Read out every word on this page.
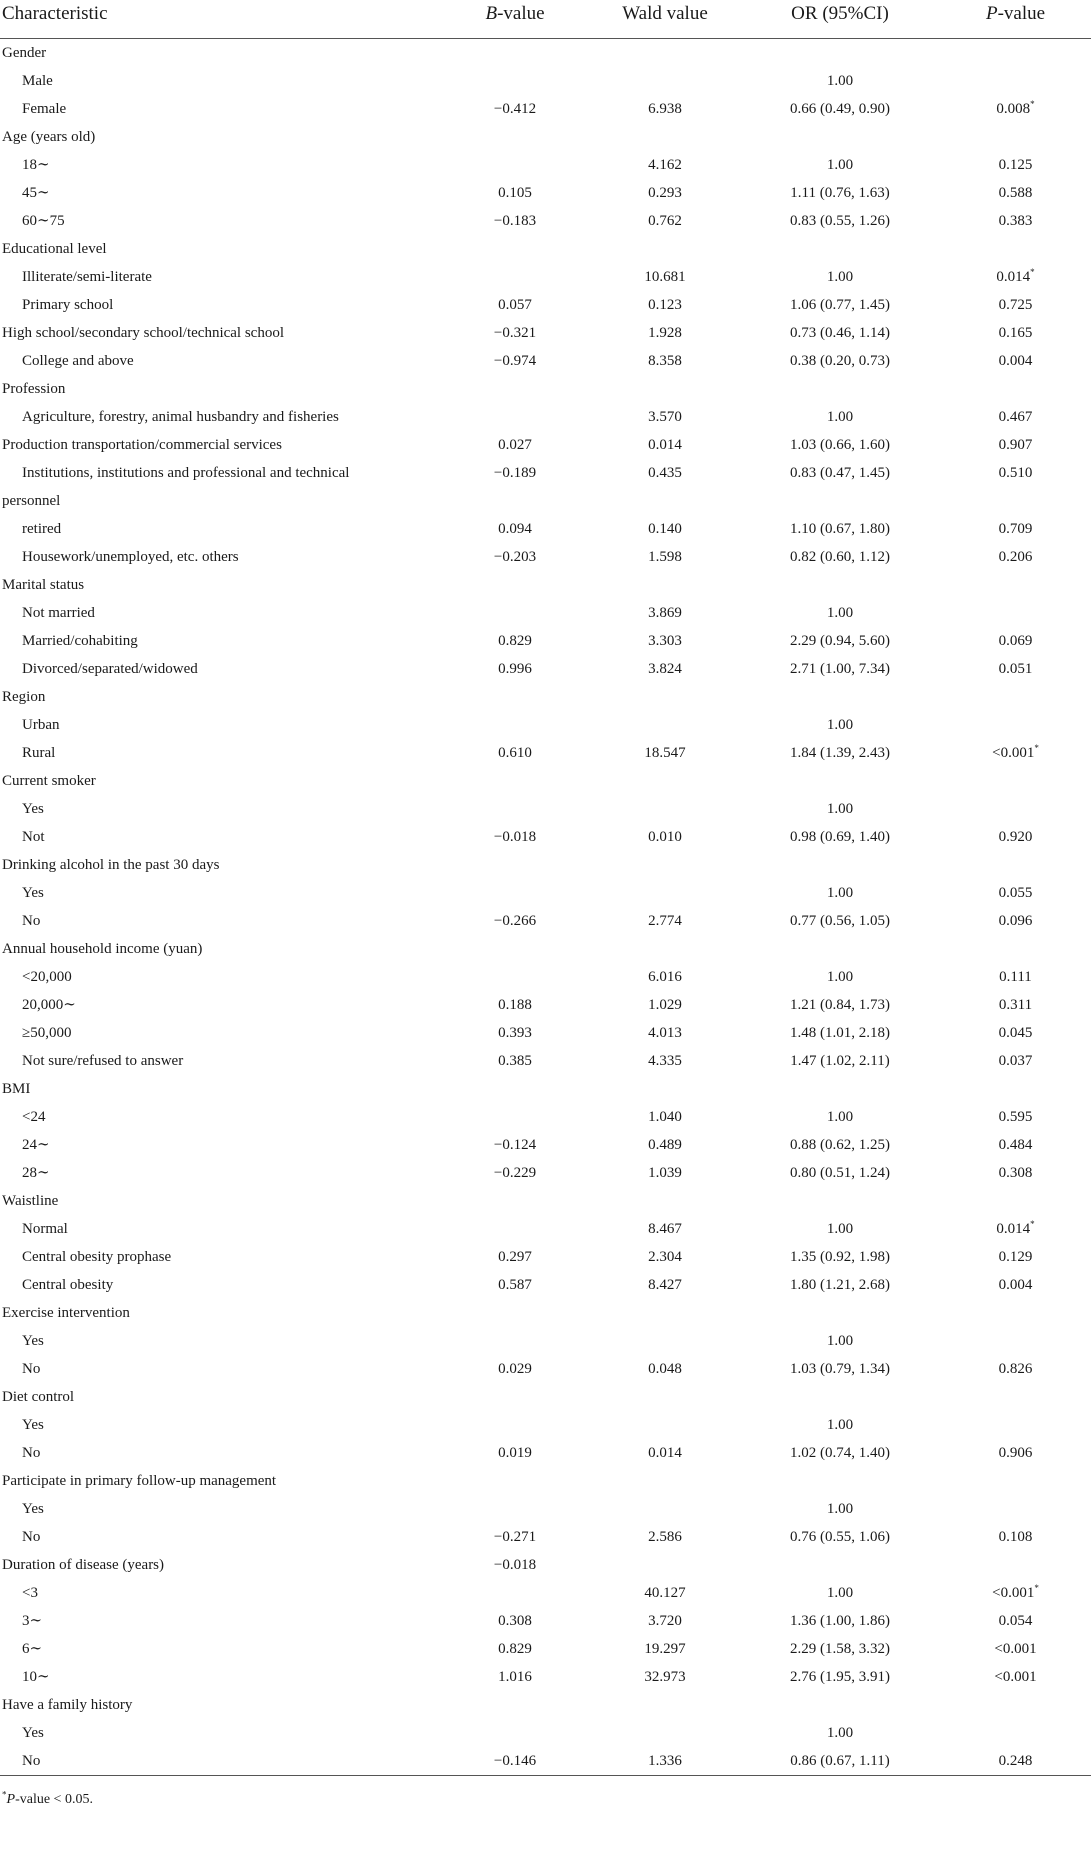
Characteristic	B-value	Wald value	OR (95%CI)	P-value
Gender				
Male			1.00	
Female	−0.412	6.938	0.66 (0.49, 0.90)	0.008*
Age (years old)				
18∼		4.162	1.00	0.125
45∼	0.105	0.293	1.11 (0.76, 1.63)	0.588
60∼75	−0.183	0.762	0.83 (0.55, 1.26)	0.383
Educational level				
Illiterate/semi-literate		10.681	1.00	0.014*
Primary school	0.057	0.123	1.06 (0.77, 1.45)	0.725
High school/secondary school/technical school	−0.321	1.928	0.73 (0.46, 1.14)	0.165
College and above	−0.974	8.358	0.38 (0.20, 0.73)	0.004
Profession				
Agriculture, forestry, animal husbandry and fisheries		3.570	1.00	0.467
Production transportation/commercial services	0.027	0.014	1.03 (0.66, 1.60)	0.907
Institutions, institutions and professional and technical	−0.189	0.435	0.83 (0.47, 1.45)	0.510
personnel				
retired	0.094	0.140	1.10 (0.67, 1.80)	0.709
Housework/unemployed, etc. others	−0.203	1.598	0.82 (0.60, 1.12)	0.206
Marital status				
Not married		3.869	1.00	
Married/cohabiting	0.829	3.303	2.29 (0.94, 5.60)	0.069
Divorced/separated/widowed	0.996	3.824	2.71 (1.00, 7.34)	0.051
Region				
Urban			1.00	
Rural	0.610	18.547	1.84 (1.39, 2.43)	<0.001*
Current smoker				
Yes			1.00	
Not	−0.018	0.010	0.98 (0.69, 1.40)	0.920
Drinking alcohol in the past 30 days				
Yes			1.00	0.055
No	−0.266	2.774	0.77 (0.56, 1.05)	0.096
Annual household income (yuan)				
<20,000		6.016	1.00	0.111
20,000∼	0.188	1.029	1.21 (0.84, 1.73)	0.311
≥50,000	0.393	4.013	1.48 (1.01, 2.18)	0.045
Not sure/refused to answer	0.385	4.335	1.47 (1.02, 2.11)	0.037
BMI				
<24		1.040	1.00	0.595
24∼	−0.124	0.489	0.88 (0.62, 1.25)	0.484
28∼	−0.229	1.039	0.80 (0.51, 1.24)	0.308
Waistline				
Normal		8.467	1.00	0.014*
Central obesity prophase	0.297	2.304	1.35 (0.92, 1.98)	0.129
Central obesity	0.587	8.427	1.80 (1.21, 2.68)	0.004
Exercise intervention				
Yes			1.00	
No	0.029	0.048	1.03 (0.79, 1.34)	0.826
Diet control				
Yes			1.00	
No	0.019	0.014	1.02 (0.74, 1.40)	0.906
Participate in primary follow-up management				
Yes			1.00	
No	−0.271	2.586	0.76 (0.55, 1.06)	0.108
Duration of disease (years)	−0.018			
<3		40.127	1.00	<0.001*
3∼	0.308	3.720	1.36 (1.00, 1.86)	0.054
6∼	0.829	19.297	2.29 (1.58, 3.32)	<0.001
10∼	1.016	32.973	2.76 (1.95, 3.91)	<0.001
Have a family history				
Yes			1.00	
No	−0.146	1.336	0.86 (0.67, 1.11)	0.248
*P-value < 0.05.
